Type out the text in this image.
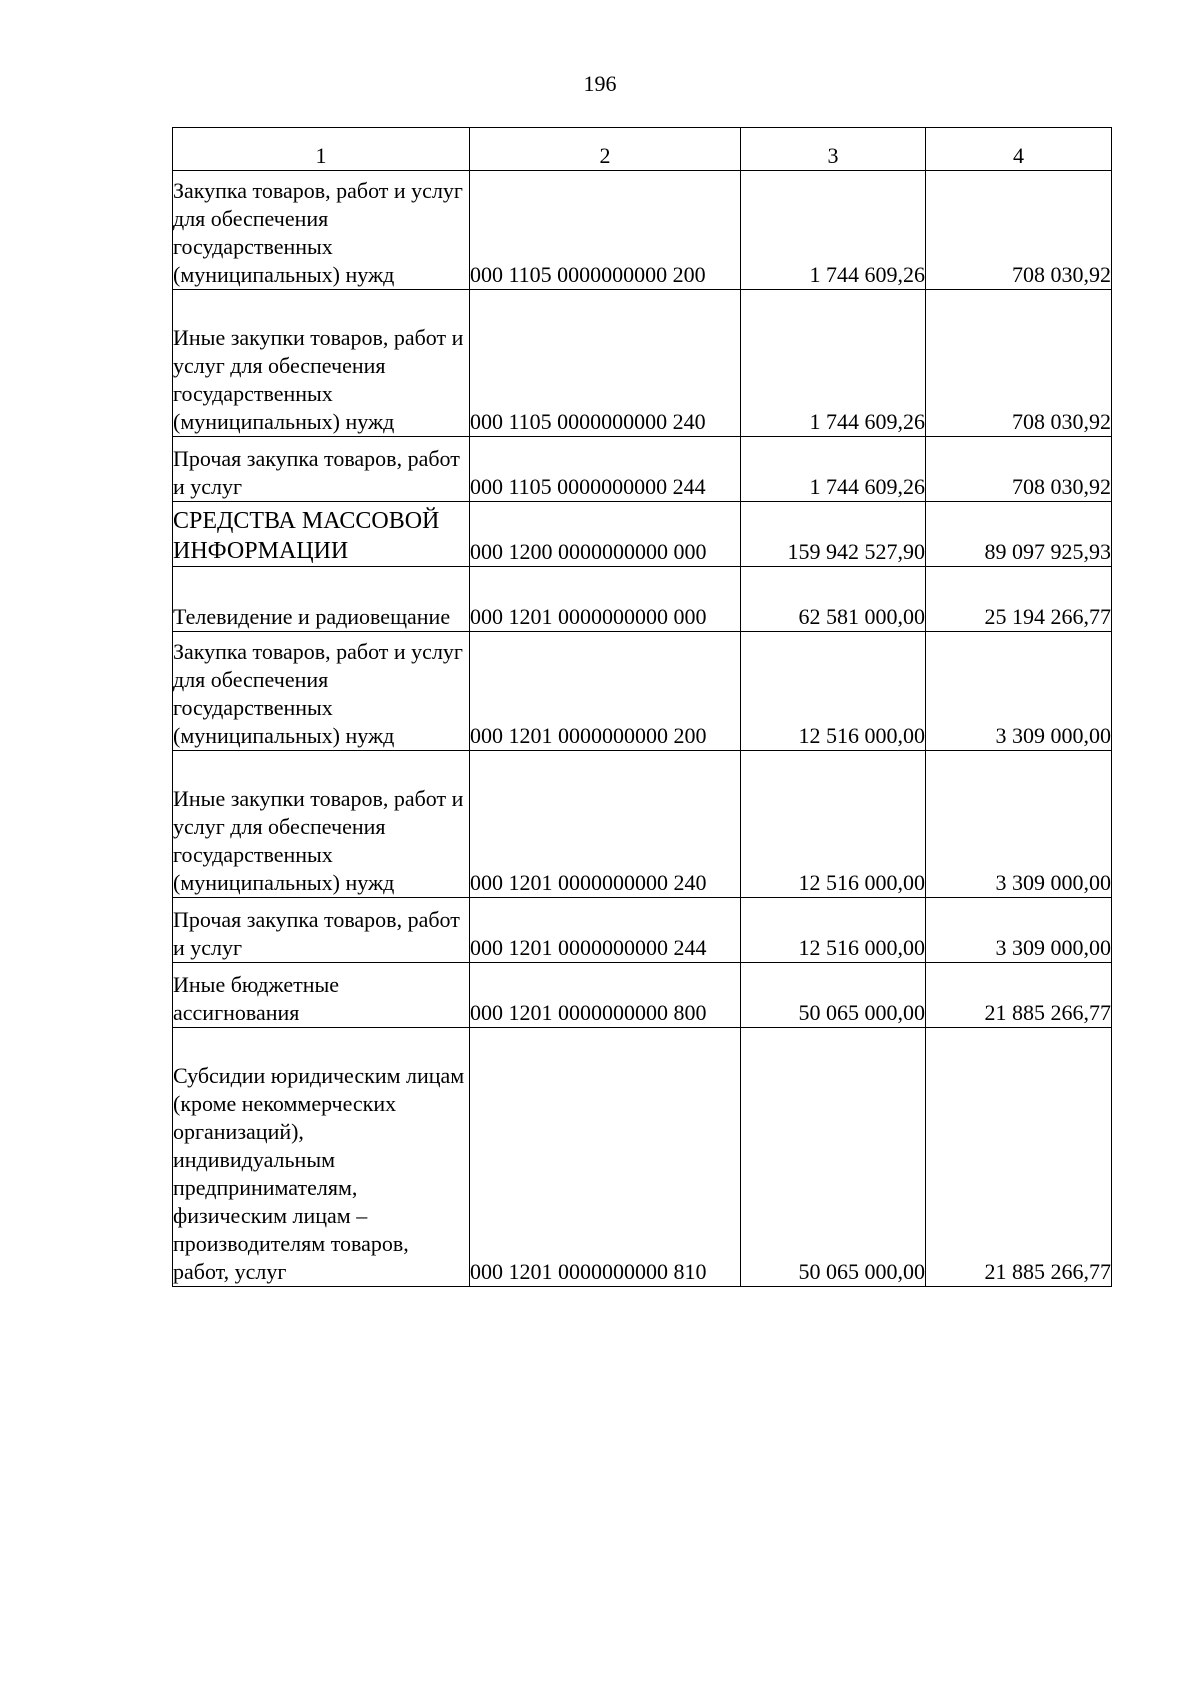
196
1	2	3	4
Закупка товаров, работ и услуг для обеспечения государственных (муниципальных) нужд	000 1105 0000000000 200	1 744 609,26	708 030,92
Иные закупки товаров, работ и услуг для обеспечения государственных (муниципальных) нужд	000 1105 0000000000 240	1 744 609,26	708 030,92
Прочая закупка товаров, работ и услуг	000 1105 0000000000 244	1 744 609,26	708 030,92
СРЕДСТВА МАССОВОЙ ИНФОРМАЦИИ	000 1200 0000000000 000	159 942 527,90	89 097 925,93
Телевидение и радиовещание	000 1201 0000000000 000	62 581 000,00	25 194 266,77
Закупка товаров, работ и услуг для обеспечения государственных (муниципальных) нужд	000 1201 0000000000 200	12 516 000,00	3 309 000,00
Иные закупки товаров, работ и услуг для обеспечения государственных (муниципальных) нужд	000 1201 0000000000 240	12 516 000,00	3 309 000,00
Прочая закупка товаров, работ и услуг	000 1201 0000000000 244	12 516 000,00	3 309 000,00
Иные бюджетные ассигнования	000 1201 0000000000 800	50 065 000,00	21 885 266,77
Субсидии юридическим лицам (кроме некоммерческих организаций), индивидуальным предпринимателям, физическим лицам – производителям товаров, работ, услуг	000 1201 0000000000 810	50 065 000,00	21 885 266,77
